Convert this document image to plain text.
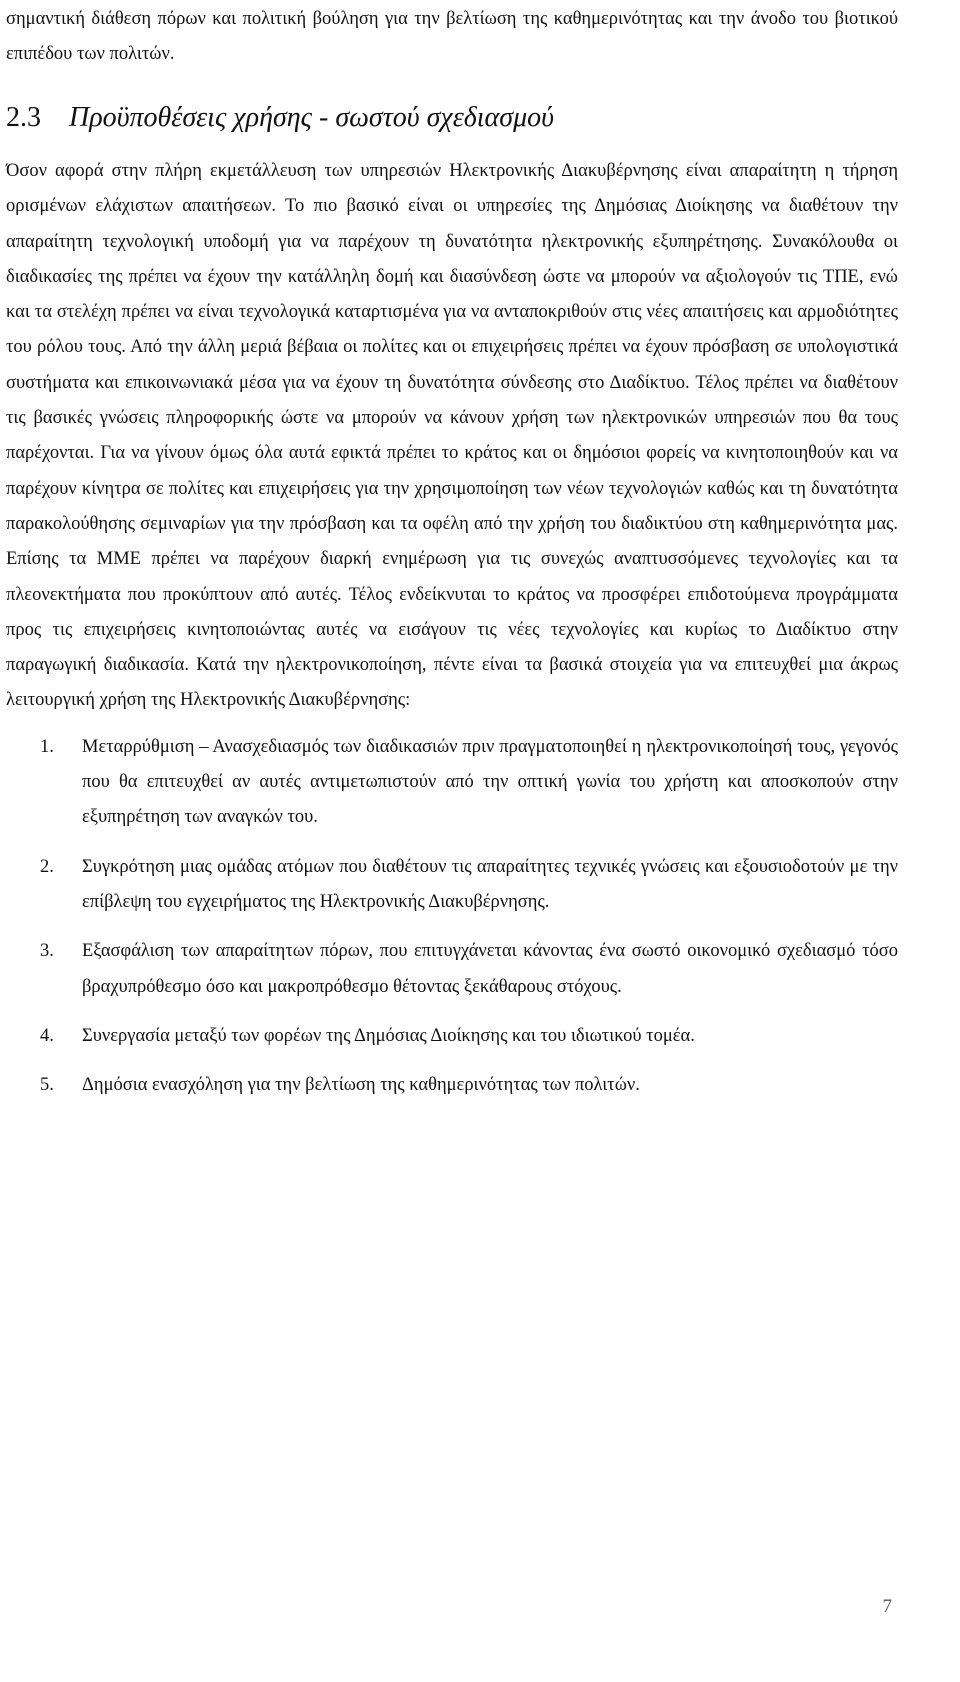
σημαντική διάθεση πόρων και πολιτική βούληση για την βελτίωση της καθημερινότητας και την άνοδο του βιοτικού επιπέδου των πολιτών.

2.3 Προϋποθέσεις χρήσης - σωστού σχεδιασμού

Όσον αφορά στην πλήρη εκμετάλλευση των υπηρεσιών Ηλεκτρονικής Διακυβέρνησης είναι απαραίτητη η τήρηση ορισμένων ελάχιστων απαιτήσεων. Το πιο βασικό είναι οι υπηρεσίες της Δημόσιας Διοίκησης να διαθέτουν την απαραίτητη τεχνολογική υποδομή για να παρέχουν τη δυνατότητα ηλεκτρονικής εξυπηρέτησης. Συνακόλουθα οι διαδικασίες της πρέπει να έχουν την κατάλληλη δομή και διασύνδεση ώστε να μπορούν να αξιολογούν τις ΤΠΕ, ενώ και τα στελέχη πρέπει να είναι τεχνολογικά καταρτισμένα για να ανταποκριθούν στις νέες απαιτήσεις και αρμοδιότητες του ρόλου τους. Από την άλλη μεριά βέβαια οι πολίτες και οι επιχειρήσεις πρέπει να έχουν πρόσβαση σε υπολογιστικά συστήματα και επικοινωνιακά μέσα για να έχουν τη δυνατότητα σύνδεσης στο Διαδίκτυο. Τέλος πρέπει να διαθέτουν τις βασικές γνώσεις πληροφορικής ώστε να μπορούν να κάνουν χρήση των ηλεκτρονικών υπηρεσιών που θα τους παρέχονται. Για να γίνουν όμως όλα αυτά εφικτά πρέπει το κράτος και οι δημόσιοι φορείς να κινητοποιηθούν και να παρέχουν κίνητρα σε πολίτες και επιχειρήσεις για την χρησιμοποίηση των νέων τεχνολογιών καθώς και τη δυνατότητα παρακολούθησης σεμιναρίων για την πρόσβαση και τα οφέλη από την χρήση του διαδικτύου στη καθημερινότητα μας. Επίσης τα ΜΜΕ πρέπει να παρέχουν διαρκή ενημέρωση για τις συνεχώς αναπτυσσόμενες τεχνολογίες και τα πλεονεκτήματα που προκύπτουν από αυτές. Τέλος ενδείκνυται το κράτος να προσφέρει επιδοτούμενα προγράμματα προς τις επιχειρήσεις κινητοποιώντας αυτές να εισάγουν τις νέες τεχνολογίες και κυρίως το Διαδίκτυο στην παραγωγική διαδικασία. Κατά την ηλεκτρονικοποίηση, πέντε είναι τα βασικά στοιχεία για να επιτευχθεί μια άκρως λειτουργική χρήση της Ηλεκτρονικής Διακυβέρνησης:

1. Μεταρρύθμιση – Ανασχεδιασμός των διαδικασιών πριν πραγματοποιηθεί η ηλεκτρονικοποίησή τους, γεγονός που θα επιτευχθεί αν αυτές αντιμετωπιστούν από την οπτική γωνία του χρήστη και αποσκοπούν στην εξυπηρέτηση των αναγκών του.
2. Συγκρότηση μιας ομάδας ατόμων που διαθέτουν τις απαραίτητες τεχνικές γνώσεις και εξουσιοδοτούν με την επίβλεψη του εγχειρήματος της Ηλεκτρονικής Διακυβέρνησης.
3. Εξασφάλιση των απαραίτητων πόρων, που επιτυγχάνεται κάνοντας ένα σωστό οικονομικό σχεδιασμό τόσο βραχυπρόθεσμο όσο και μακροπρόθεσμο θέτοντας ξεκάθαρους στόχους.
4. Συνεργασία μεταξύ των φορέων της Δημόσιας Διοίκησης και του ιδιωτικού τομέα.
5. Δημόσια ενασχόληση για την βελτίωση της καθημερινότητας των πολιτών.
7
